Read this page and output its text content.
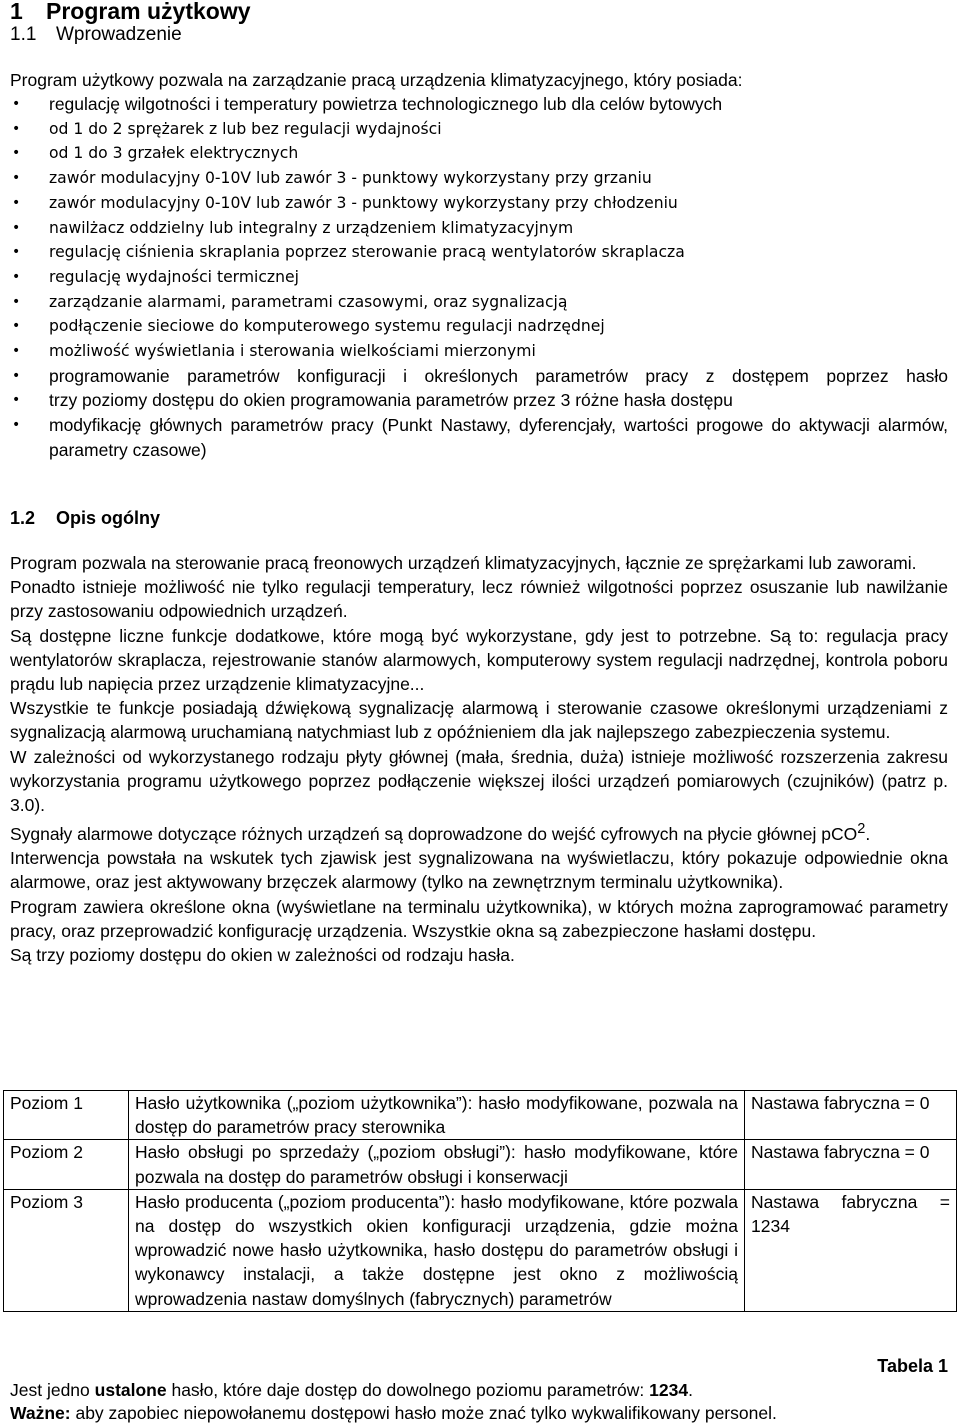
1 Program użytkowy
1.1 Wprowadzenie
Program użytkowy pozwala na zarządzanie pracą urządzenia klimatyzacyjnego, który posiada:
• regulację wilgotności i temperatury powietrza technologicznego lub dla celów bytowych
• od 1 do 2 sprężarek z lub bez regulacji wydajności
• od 1 do 3 grzałek elektrycznych
• zawór modulacyjny 0-10V lub zawór 3 - punktowy wykorzystany przy grzaniu
• zawór modulacyjny 0-10V lub zawór 3 - punktowy wykorzystany przy chłodzeniu
• nawilżacz oddzielny lub integralny z urządzeniem klimatyzacyjnym
• regulację ciśnienia skraplania poprzez sterowanie pracą wentylatorów skraplacza
• regulację wydajności termicznej
• zarządzanie alarmami, parametrami czasowymi, oraz sygnalizacją
• podłączenie sieciowe do komputerowego systemu regulacji nadrzędnej
• możliwość wyświetlania i sterowania wielkościami mierzonymi
• programowanie parametrów konfiguracji i określonych parametrów pracy z dostępem poprzez hasło
• trzy poziomy dostępu do okien programowania parametrów przez 3 różne hasła dostępu
• modyfikację głównych parametrów pracy (Punkt Nastawy, dyferencjały, wartości progowe do aktywacji alarmów, parametry czasowe)
1.2 Opis ogólny

Program pozwala na sterowanie pracą freonowych urządzeń klimatyzacyjnych, łącznie ze sprężarkami lub zaworami.

Ponadto istnieje możliwość nie tylko regulacji temperatury, lecz również wilgotności poprzez osuszanie lub nawilżanie przy zastosowaniu odpowiednich urządzeń.

Są dostępne liczne funkcje dodatkowe, które mogą być wykorzystane, gdy jest to potrzebne. Są to: regulacja pracy wentylatorów skraplacza, rejestrowanie stanów alarmowych, komputerowy system regulacji nadrzędnej, kontrola poboru prądu lub napięcia przez urządzenie klimatyzacyjne...

Wszystkie te funkcje posiadają dźwiękową sygnalizację alarmową i sterowanie czasowe określonymi urządzeniami z sygnalizacją alarmową uruchamianą natychmiast lub z opóźnieniem dla jak najlepszego zabezpieczenia systemu.

W zależności od wykorzystanego rodzaju płyty głównej (mała, średnia, duża) istnieje możliwość rozszerzenia zakresu wykorzystania programu użytkowego poprzez podłączenie większej ilości urządzeń pomiarowych (czujników) (patrz p. 3.0).

Sygnały alarmowe dotyczące różnych urządzeń są doprowadzone do wejść cyfrowych na płycie głównej pCO$^2$.

Interwencja powstała na wskutek tych zjawisk jest sygnalizowana na wyświetlaczu, który pokazuje odpowiednie okna alarmowe, oraz jest aktywowany brzęczek alarmowy (tylko na zewnętrznym terminalu użytkownika).

Program zawiera określone okna (wyświetlane na terminalu użytkownika), w których można zaprogramować parametry pracy, oraz przeprowadzić konfigurację urządzenia. Wszystkie okna są zabezpieczone hasłami dostępu.

Są trzy poziomy dostępu do okien w zależności od rodzaju hasła.

Poziom 1	Hasło użytkownika („poziom użytkownika”): hasło modyfikowane, pozwala na dostęp do parametrów pracy sterownika	Nastawa fabryczna = 0
Poziom 2	Hasło obsługi po sprzedaży („poziom obsługi”): hasło modyfikowane, które pozwala na dostęp do parametrów obsługi i konserwacji	Nastawa fabryczna = 0
Poziom 3	Hasło producenta („poziom producenta”): hasło modyfikowane, które pozwala na dostęp do wszystkich okien konfiguracji urządzenia, gdzie można wprowadzić nowe hasło użytkownika, hasło dostępu do parametrów obsługi i wykonawcy instalacji, a także dostępne jest okno z możliwością wprowadzenia nastaw domyślnych (fabrycznych) parametrów	Nastawa fabryczna = 1234
Tabela 1
Jest jedno ustalone hasło, które daje dostęp do dowolnego poziomu parametrów: 1234.
Ważne: aby zapobiec niepowołanemu dostępowi hasło może znać tylko wykwalifikowany personel.
